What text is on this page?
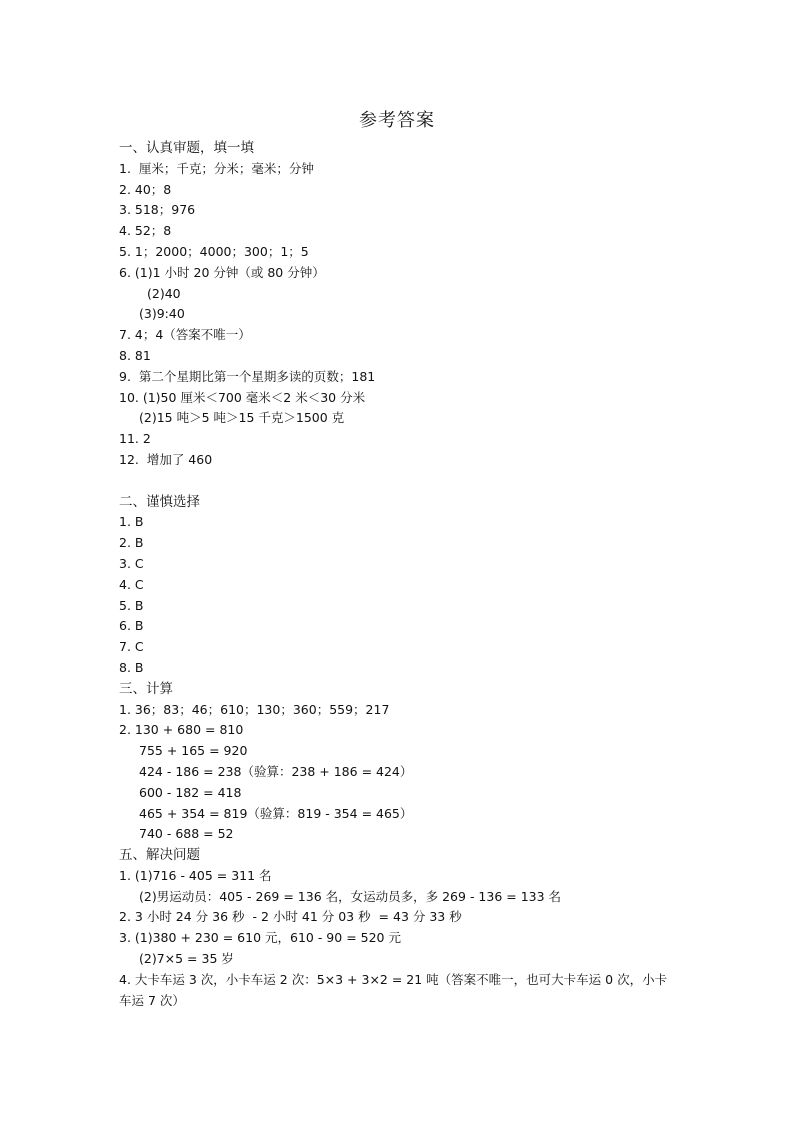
参考答案
一、认真审题，填一填
1.  厘米；千克；分米；毫米；分钟
2. 40；8
3. 518；976
4. 52；8
5. 1；2000；4000；300；1；5
6. (1)1 小时 20 分钟（或 80 分钟）
(2)40
(3)9:40
7. 4；4（答案不唯一）
8. 81
9.  第二个星期比第一个星期多读的页数；181
10. (1)50 厘米＜700 毫米＜2 米＜30 分米
(2)15 吨＞5 吨＞15 千克＞1500 克
11. 2
12.  增加了 460
二、谨慎选择
1. B
2. B
3. C
4. C
5. B
6. B
7. C
8. B
三、计算
1. 36；83；46；610；130；360；559；217
2. 130 + 680 = 810
755 + 165 = 920
424 - 186 = 238（验算：238 + 186 = 424）
600 - 182 = 418
465 + 354 = 819（验算：819 - 354 = 465）
740 - 688 = 52
五、解决问题
1. (1)716 - 405 = 311 名
(2)男运动员：405 - 269 = 136 名，女运动员多，多 269 - 136 = 133 名
2. 3 小时 24 分 36 秒  - 2 小时 41 分 03 秒  = 43 分 33 秒
3. (1)380 + 230 = 610 元，610 - 90 = 520 元
(2)7×5 = 35 岁
4. 大卡车运 3 次，小卡车运 2 次：5×3 + 3×2 = 21 吨（答案不唯一，也可大卡车运 0 次，小卡车运 7 次）
